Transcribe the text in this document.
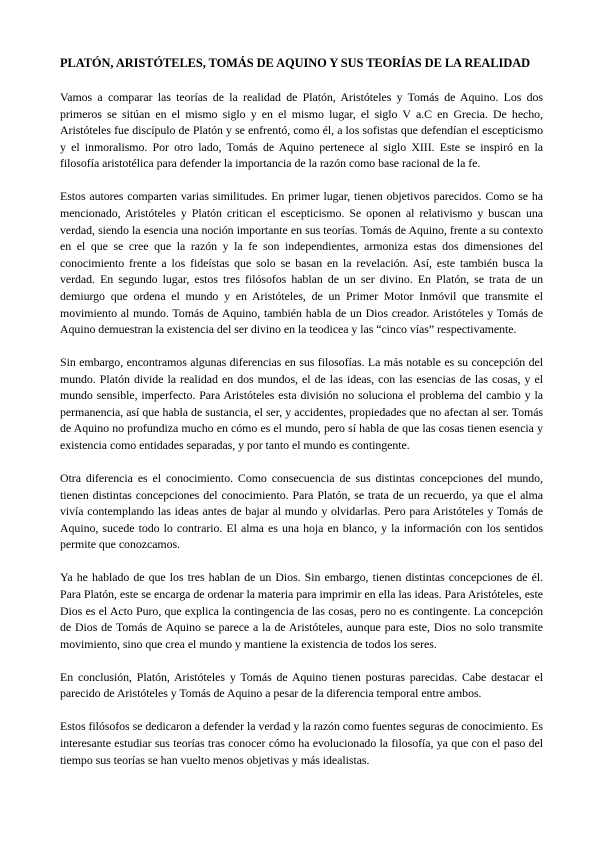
PLATÓN, ARISTÓTELES, TOMÁS DE AQUINO Y SUS TEORÍAS DE LA REALIDAD

Vamos a comparar las teorías de la realidad de Platón, Aristóteles y Tomás de Aquino. Los dos primeros se sitúan en el mismo siglo y en el mismo lugar, el siglo V a.C en Grecia. De hecho, Aristóteles fue discípulo de Platón y se enfrentó, como él, a los sofistas que defendían el escepticismo y el inmoralismo. Por otro lado, Tomás de Aquino pertenece al siglo XIII. Este se inspiró en la filosofía aristotélica para defender la importancia de la razón como base racional de la fe.

Estos autores comparten varias similitudes. En primer lugar, tienen objetivos parecidos. Como se ha mencionado, Aristóteles y Platón critican el escepticismo. Se oponen al relativismo y buscan una verdad, siendo la esencia una noción importante en sus teorías. Tomás de Aquino, frente a su contexto en el que se cree que la razón y la fe son independientes, armoniza estas dos dimensiones del conocimiento frente a los fideístas que solo se basan en la revelación. Así, este también busca la verdad. En segundo lugar, estos tres filósofos hablan de un ser divino. En Platón, se trata de un demiurgo que ordena el mundo y en Aristóteles, de un Primer Motor Inmóvil que transmite el movimiento al mundo. Tomás de Aquino, también habla de un Dios creador. Aristóteles y Tomás de Aquino demuestran la existencia del ser divino en la teodicea y las “cinco vías” respectivamente.

Sin embargo, encontramos algunas diferencias en sus filosofías. La más notable es su concepción del mundo. Platón divide la realidad en dos mundos, el de las ideas, con las esencias de las cosas, y el mundo sensible, imperfecto. Para Aristóteles esta división no soluciona el problema del cambio y la permanencia, así que habla de sustancia, el ser, y accidentes, propiedades que no afectan al ser. Tomás de Aquino no profundiza mucho en cómo es el mundo, pero sí habla de que las cosas tienen esencia y existencia como entidades separadas, y por tanto el mundo es contingente.

Otra diferencia es el conocimiento. Como consecuencia de sus distintas concepciones del mundo, tienen distintas concepciones del conocimiento. Para Platón, se trata de un recuerdo, ya que el alma vivía contemplando las ideas antes de bajar al mundo y olvidarlas. Pero para Aristóteles y Tomás de Aquino, sucede todo lo contrario. El alma es una hoja en blanco, y la información con los sentidos permite que conozcamos.

Ya he hablado de que los tres hablan de un Dios. Sin embargo, tienen distintas concepciones de él. Para Platón, este se encarga de ordenar la materia para imprimir en ella las ideas. Para Aristóteles, este Dios es el Acto Puro, que explica la contingencia de las cosas, pero no es contingente. La concepción de Dios de Tomás de Aquino se parece a la de Aristóteles, aunque para este, Dios no solo transmite movimiento, sino que crea el mundo y mantiene la existencia de todos los seres.

En conclusión, Platón, Aristóteles y Tomás de Aquino tienen posturas parecidas. Cabe destacar el parecido de Aristóteles y Tomás de Aquino a pesar de la diferencia temporal entre ambos.

Estos filósofos se dedicaron a defender la verdad y la razón como fuentes seguras de conocimiento. Es interesante estudiar sus teorías tras conocer cómo ha evolucionado la filosofía, ya que con el paso del tiempo sus teorías se han vuelto menos objetivas y más idealistas.
